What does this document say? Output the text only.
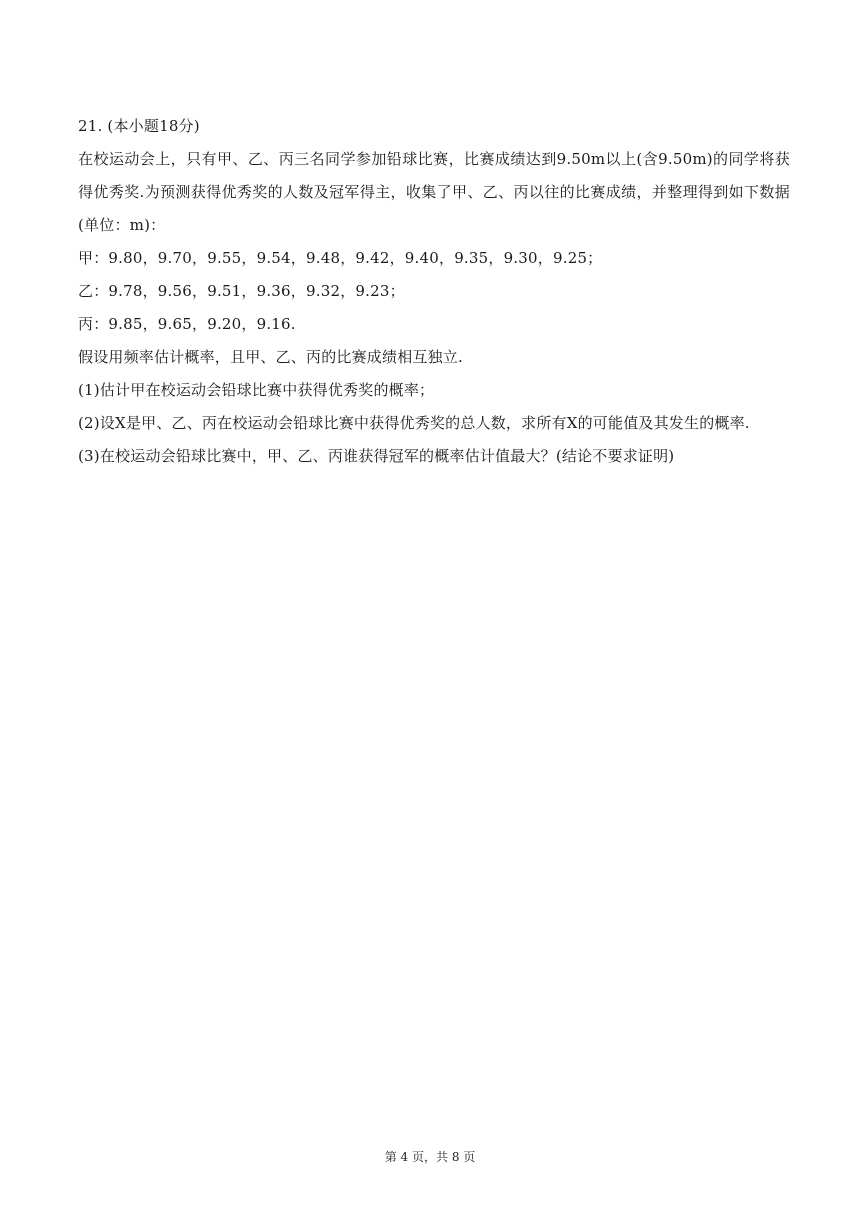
21. (本小题18分)

在校运动会上，只有甲、乙、丙三名同学参加铅球比赛，比赛成绩达到9.50m以上(含9.50m)的同学将获得优秀奖.为预测获得优秀奖的人数及冠军得主，收集了甲、乙、丙以往的比赛成绩，并整理得到如下数据(单位：m)：

甲：9.80，9.70，9.55，9.54，9.48，9.42，9.40，9.35，9.30，9.25；

乙：9.78，9.56，9.51，9.36，9.32，9.23；

丙：9.85，9.65，9.20，9.16.

假设用频率估计概率，且甲、乙、丙的比赛成绩相互独立.

(1)估计甲在校运动会铅球比赛中获得优秀奖的概率；

(2)设X是甲、乙、丙在校运动会铅球比赛中获得优秀奖的总人数，求所有X的可能值及其发生的概率.

(3)在校运动会铅球比赛中，甲、乙、丙谁获得冠军的概率估计值最大？(结论不要求证明)

第 4 页，共 8 页
